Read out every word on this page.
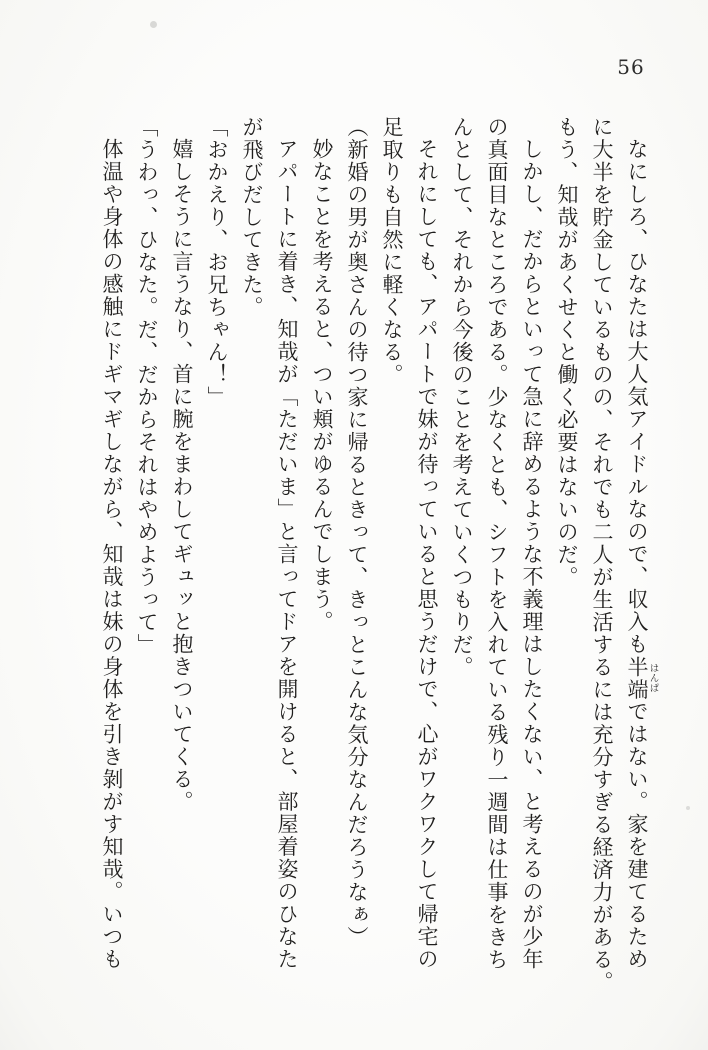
56
なにしろ、ひなたは大人気アイドルなので、収入も半端はんぱではない。家を建てるため
に大半を貯金しているものの、それでも二人が生活するには充分すぎる経済力がある。
もう、知哉があくせくと働く必要はないのだ。
しかし、だからといって急に辞めるような不義理はしたくない、と考えるのが少年
の真面目なところである。少なくとも、シフトを入れている残り一週間は仕事をきち
んとして、それから今後のことを考えていくつもりだ。
それにしても、アパートで妹が待っていると思うだけで、心がワクワクして帰宅の
足取りも自然に軽くなる。
（新婚の男が奥さんの待つ家に帰るときって、きっとこんな気分なんだろうなぁ）
妙なことを考えると、つい頬がゆるんでしまう。
アパートに着き、知哉が「ただいま」と言ってドアを開けると、部屋着姿のひなた
が飛びだしてきた。
「おかえり、お兄ちゃん！」
嬉しそうに言うなり、首に腕をまわしてギュッと抱きついてくる。
「うわっ、ひなた。だ、だからそれはやめようって」
体温や身体の感触にドギマギしながら、知哉は妹の身体を引き剝がす知哉。いつも
